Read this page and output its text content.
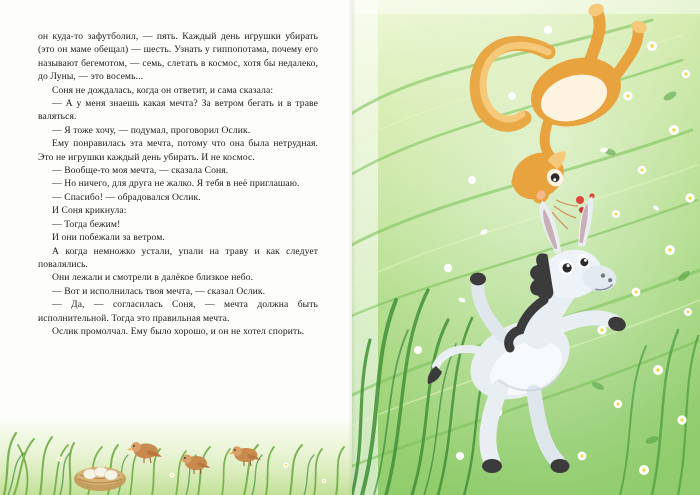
он куда-то зафутболил, — пять. Каждый день игрушки убирать (это он маме обещал) — шесть. Узнать у гиппопотама, почему его называют бегемотом, — семь, слетать в космос, хотя бы недалеко, до Луны, — это восемь...

Соня не дождалась, когда он ответит, и сама сказала:

— А у меня знаешь какая мечта? За ветром бегать и в траве валяться.

— Я тоже хочу, — подумал, проговорил Ослик.

Ему понравилась эта мечта, потому что она была нетрудная. Это не игрушки каждый день убирать. И не космос.

— Вообще-то моя мечта, — сказала Соня.

— Но ничего, для друга не жалко. Я тебя в неё приглашаю.

— Спасибо! — обрадовался Ослик.

И Соня крикнула:

— Тогда бежим!

И они побежали за ветром.

А когда немножко устали, упали на траву и как следует повалялись.

Они лежали и смотрели в далёкое близкое небо.

— Вот и исполнилась твоя мечта, — сказал Ослик.

— Да, — согласилась Соня, — мечта должна быть исполнительной. Тогда это правильная мечта.

Ослик промолчал. Ему было хорошо, и он не хотел спорить.
